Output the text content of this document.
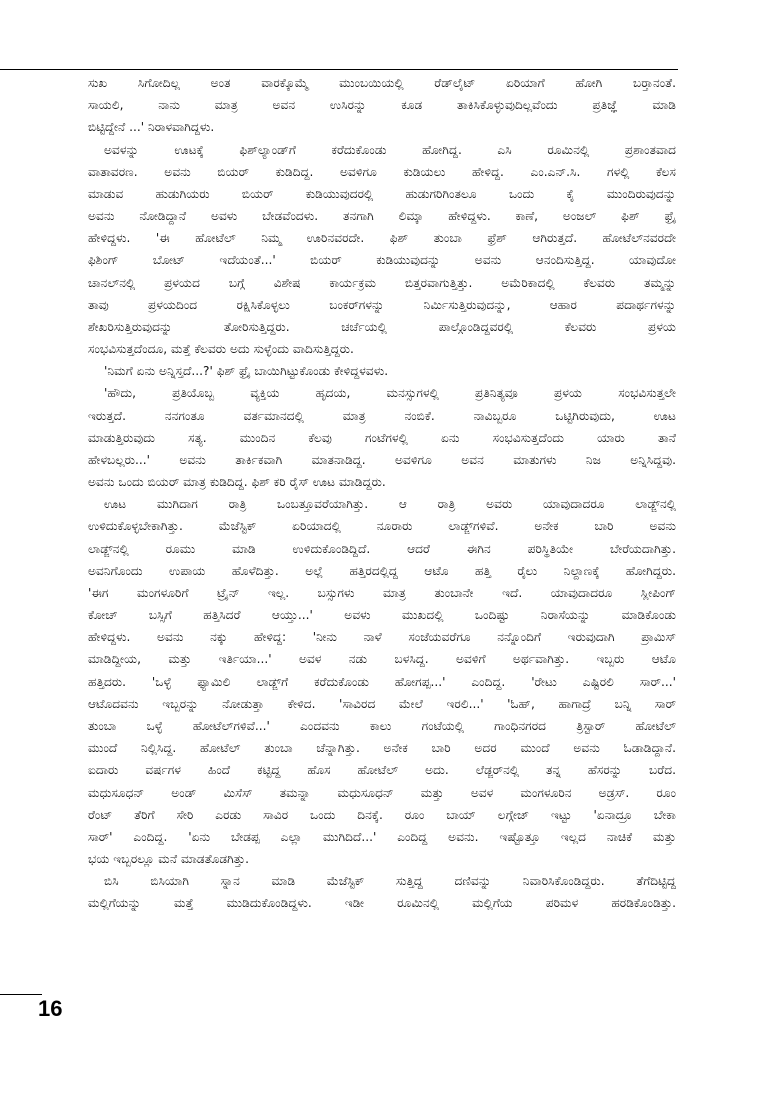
ಸುಖ ಸಿಗೋದಿಲ್ಲ ಅಂತ ವಾರಕ್ಕೊಮ್ಮೆ ಮುಂಬಯಿಯಲ್ಲಿ ರೆಡ್‌ಲೈಟ್ ಏರಿಯಾಗೆ ಹೋಗಿ ಬರ್‍ತಾನಂತೆ.
ಸಾಯಲಿ, ನಾನು ಮಾತ್ರ ಅವನ ಉಸಿರನ್ನು ಕೂಡ ತಾಕಿಸಿಕೊಳ್ಳುವುದಿಲ್ಲವೆಂದು ಪ್ರತಿಜ್ಞೆ ಮಾಡಿ
ಬಿಟ್ಟಿದ್ದೇನೆ ...' ನಿರಾಳವಾಗಿದ್ದಳು.
ಅವಳನ್ನು ಊಟಕ್ಕೆ ಫಿಶ್‌ಲ್ಯಾಂಡ್‌ಗೆ ಕರೆದುಕೊಂಡು ಹೋಗಿದ್ದ. ಎಸಿ ರೂಮಿನಲ್ಲಿ ಪ್ರಶಾಂತವಾದ
ವಾತಾವರಣ. ಅವನು ಬಿಯರ್ ಕುಡಿದಿದ್ದ. ಅವಳಿಗೂ ಕುಡಿಯಲು ಹೇಳಿದ್ದ. ಎಂ.ಎನ್.ಸಿ. ಗಳಲ್ಲಿ ಕೆಲಸ
ಮಾಡುವ ಹುಡುಗಿಯರು ಬಿಯರ್ ಕುಡಿಯುವುದರಲ್ಲಿ ಹುಡುಗರಿಗಿಂತಲೂ ಒಂದು ಕೈ ಮುಂದಿರುವುದನ್ನು
ಅವನು ನೋಡಿದ್ದಾನೆ ಅವಳು ಬೇಡವೆಂದಳು. ತನಗಾಗಿ ಲಿಮ್ಕಾ ಹೇಳಿದ್ದಳು. ಕಾಣೆ, ಅಂಜಲ್ ಫಿಶ್ ಫ್ರೈ
ಹೇಳಿದ್ದಳು. 'ಈ ಹೋಟೆಲ್ ನಿಮ್ಮ ಊರಿನವರದೇ. ಫಿಶ್ ತುಂಬಾ ಫ್ರೆಶ್ ಆಗಿರುತ್ತದೆ. ಹೋಟೆಲ್‌ನವರದೇ
ಫಿಶಿಂಗ್ ಬೋಟ್ ಇದೆಯಂತೆ...' ಬಿಯರ್ ಕುಡಿಯುವುದನ್ನು ಅವನು ಆನಂದಿಸುತ್ತಿದ್ದ. ಯಾವುದೋ
ಚಾನಲ್‌ನಲ್ಲಿ ಪ್ರಳಯದ ಬಗ್ಗೆ ವಿಶೇಷ ಕಾರ್ಯಕ್ರಮ ಬಿತ್ತರವಾಗುತ್ತಿತ್ತು. ಅಮೆರಿಕಾದಲ್ಲಿ ಕೆಲವರು ತಮ್ಮನ್ನು
ತಾವು ಪ್ರಳಯದಿಂದ ರಕ್ಷಿಸಿಕೊಳ್ಳಲು ಬಂಕರ್‌ಗಳನ್ನು ನಿರ್ಮಿಸುತ್ತಿರುವುದನ್ನು, ಆಹಾರ ಪದಾರ್ಥಗಳನ್ನು
ಶೇಖರಿಸುತ್ತಿರುವುದನ್ನು ತೋರಿಸುತ್ತಿದ್ದರು. ಚರ್ಚೆಯಲ್ಲಿ ಪಾಲ್ಗೊಂಡಿದ್ದವರಲ್ಲಿ ಕೆಲವರು ಪ್ರಳಯ
ಸಂಭವಿಸುತ್ತದೆಂದೂ, ಮತ್ತೆ ಕೆಲವರು ಅದು ಸುಳ್ಳೆಂದು ವಾದಿಸುತ್ತಿದ್ದರು.
'ನಿಮಗೆ ಏನು ಅನ್ನಿಸ್ತದೆ...?' ಫಿಶ್ ಫ್ರೈ ಬಾಯಿಗಿಟ್ಟುಕೊಂಡು ಕೇಳಿದ್ದಳವಳು.
'ಹೌದು, ಪ್ರತಿಯೊಬ್ಬ ವ್ಯಕ್ತಿಯ ಹೃದಯ, ಮನಸ್ಸುಗಳಲ್ಲಿ ಪ್ರತಿನಿತ್ಯವೂ ಪ್ರಳಯ ಸಂಭವಿಸುತ್ತಲೇ
ಇರುತ್ತದೆ. ನನಗಂತೂ ವರ್ತಮಾನದಲ್ಲಿ ಮಾತ್ರ ನಂಬಿಕೆ. ನಾವಿಬ್ಬರೂ ಒಟ್ಟಿಗಿರುವುದು, ಊಟ
ಮಾಡುತ್ತಿರುವುದು ಸತ್ಯ. ಮುಂದಿನ ಕೆಲವು ಗಂಟೆಗಳಲ್ಲಿ ಏನು ಸಂಭವಿಸುತ್ತದೆಂದು ಯಾರು ತಾನೆ
ಹೇಳಬಲ್ಲರು...' ಅವನು ತಾರ್ಕಿಕವಾಗಿ ಮಾತನಾಡಿದ್ದ. ಅವಳಿಗೂ ಅವನ ಮಾತುಗಳು ನಿಜ ಅನ್ನಿಸಿದ್ದವು.
ಅವನು ಒಂದು ಬಿಯರ್ ಮಾತ್ರ ಕುಡಿದಿದ್ದ. ಫಿಶ್ ಕರಿ ರೈಸ್ ಊಟ ಮಾಡಿದ್ದರು.
ಊಟ ಮುಗಿದಾಗ ರಾತ್ರಿ ಒಂಬತ್ತೂವರೆಯಾಗಿತ್ತು. ಆ ರಾತ್ರಿ ಅವರು ಯಾವುದಾದರೂ ಲಾಡ್ಜ್‌ನಲ್ಲಿ
ಉಳಿದುಕೊಳ್ಳಬೇಕಾಗಿತ್ತು. ಮೆಜೆಸ್ಟಿಕ್ ಏರಿಯಾದಲ್ಲಿ ನೂರಾರು ಲಾಡ್ಜ್‌ಗಳಿವೆ. ಅನೇಕ ಬಾರಿ ಅವನು
ಲಾಡ್ಜ್‌ನಲ್ಲಿ ರೂಮು ಮಾಡಿ ಉಳಿದುಕೊಂಡಿದ್ದಿದೆ. ಆದರೆ ಈಗಿನ ಪರಿಸ್ಥಿತಿಯೇ ಬೇರೆಯದಾಗಿತ್ತು.
ಅವನಿಗೊಂದು ಉಪಾಯ ಹೊಳೆದಿತ್ತು. ಅಲ್ಲೆ ಹತ್ತಿರದಲ್ಲಿದ್ದ ಆಟೊ ಹತ್ತಿ ರೈಲು ನಿಲ್ದಾಣಕ್ಕೆ ಹೋಗಿದ್ದರು.
'ಈಗ ಮಂಗಳೂರಿಗೆ ಟ್ರೈನ್ ಇಲ್ಲ. ಬಸ್ಸುಗಳು ಮಾತ್ರ ತುಂಬಾನೇ ಇದೆ. ಯಾವುದಾದರೂ ಸ್ಲೀಪಿಂಗ್
ಕೋಚ್ ಬಸ್ಸಿಗೆ ಹತ್ತಿಸಿದರೆ ಆಯ್ತು...' ಅವಳು ಮುಖದಲ್ಲಿ ಒಂದಿಷ್ಟು ನಿರಾಸೆಯನ್ನು ಮಾಡಿಕೊಂಡು
ಹೇಳಿದ್ದಳು. ಅವನು ನಕ್ಕು ಹೇಳಿದ್ದ: 'ನೀನು ನಾಳೆ ಸಂಜೆಯವರೆಗೂ ನನ್ನೊಂದಿಗೆ ಇರುವುದಾಗಿ ಪ್ರಾಮಿಸ್
ಮಾಡಿದ್ದೀಯ, ಮತ್ತು ಇರ್ತಿಯಾ...' ಅವಳ ನಡು ಬಳಸಿದ್ದ. ಅವಳಿಗೆ ಅರ್ಥವಾಗಿತ್ತು. ಇಬ್ಬರು ಆಟೊ
ಹತ್ತಿದರು. 'ಒಳ್ಳೆ ಫ್ಯಾಮಿಲಿ ಲಾಡ್ಜ್‌ಗೆ ಕರೆದುಕೊಂಡು ಹೋಗಪ್ಪ...' ಎಂದಿದ್ದ. 'ರೇಟು ಎಷ್ಟಿರಲಿ ಸಾರ್...'
ಆಟೊದವನು ಇಬ್ಬರನ್ನು ನೋಡುತ್ತಾ ಕೇಳಿದ. 'ಸಾವಿರದ ಮೇಲೆ ಇರಲಿ...' 'ಓಹ್, ಹಾಗಾದ್ರೆ ಬನ್ನಿ ಸಾರ್
ತುಂಬಾ ಒಳ್ಳೆ ಹೋಟೆಲ್‌ಗಳಿವೆ...' ಎಂದವನು ಕಾಲು ಗಂಟೆಯಲ್ಲಿ ಗಾಂಧಿನಗರದ ತ್ರಿಸ್ಟಾರ್ ಹೋಟೆಲ್
ಮುಂದೆ ನಿಲ್ಲಿಸಿದ್ದ. ಹೋಟೆಲ್ ತುಂಬಾ ಚೆನ್ನಾಗಿತ್ತು. ಅನೇಕ ಬಾರಿ ಅದರ ಮುಂದೆ ಅವನು ಓಡಾಡಿದ್ದಾನೆ.
ಐದಾರು ವರ್ಷಗಳ ಹಿಂದೆ ಕಟ್ಟಿದ್ದ ಹೊಸ ಹೋಟೆಲ್ ಅದು. ಲೆಡ್ಜರ್‌ನಲ್ಲಿ ತನ್ನ ಹೆಸರನ್ನು ಬರೆದ.
ಮಧುಸೂಧನ್ ಅಂಡ್ ಮಿಸೆಸ್ ತಮನ್ನಾ ಮಧುಸೂಧನ್ ಮತ್ತು ಅವಳ ಮಂಗಳೂರಿನ ಅಡ್ರಸ್. ರೂಂ
ರೆಂಟ್ ತೆರಿಗೆ ಸೇರಿ ಎರಡು ಸಾವಿರ ಒಂದು ದಿನಕ್ಕೆ. ರೂಂ ಬಾಯ್ ಲಗ್ಗೇಜ್ ಇಟ್ಟು 'ಏನಾದ್ರೂ ಬೇಕಾ
ಸಾರ್' ಎಂದಿದ್ದ. 'ಏನು ಬೇಡಪ್ಪ ಎಲ್ಲಾ ಮುಗಿದಿದೆ...' ಎಂದಿದ್ದ ಅವನು. ಇಷ್ಟೊತ್ತೂ ಇಲ್ಲದ ನಾಚಿಕೆ ಮತ್ತು
ಭಯ ಇಬ್ಬರಲ್ಲೂ ಮನೆ ಮಾಡತೊಡಗಿತ್ತು.
ಬಿಸಿ ಬಿಸಿಯಾಗಿ ಸ್ನಾನ ಮಾಡಿ ಮೆಜೆಸ್ಟಿಕ್ ಸುತ್ತಿದ್ದ ದಣಿವನ್ನು ನಿವಾರಿಸಿಕೊಂಡಿದ್ದರು. ತೆಗೆದಿಟ್ಟಿದ್ದ
ಮಲ್ಲಿಗೆಯನ್ನು ಮತ್ತೆ ಮುಡಿದುಕೊಂಡಿದ್ದಳು. ಇಡೀ ರೂಮಿನಲ್ಲಿ ಮಲ್ಲಿಗೆಯ ಪರಿಮಳ ಹರಡಿಕೊಂಡಿತ್ತು.
16
